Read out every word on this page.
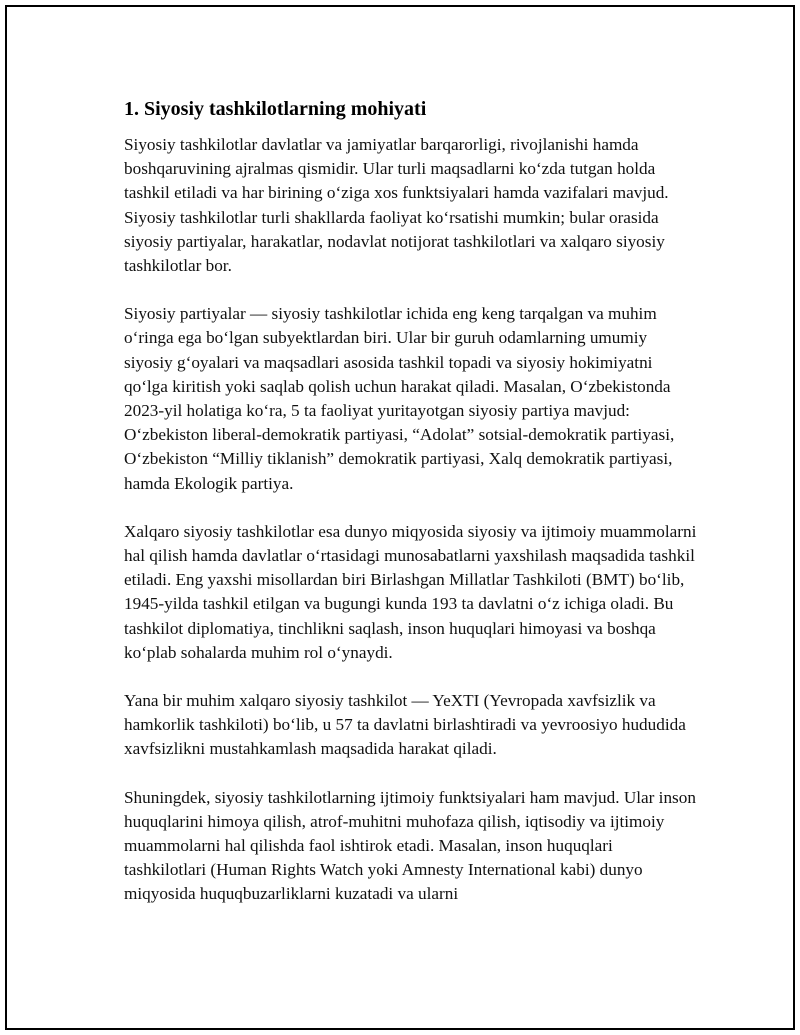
1. Siyosiy tashkilotlarning mohiyati

Siyosiy tashkilotlar davlatlar va jamiyatlar barqarorligi, rivojlanishi hamda boshqaruvining ajralmas qismidir. Ular turli maqsadlarni ko‘zda tutgan holda tashkil etiladi va har birining o‘ziga xos funktsiyalari hamda vazifalari mavjud. Siyosiy tashkilotlar turli shakllarda faoliyat ko‘rsatishi mumkin; bular orasida siyosiy partiyalar, harakatlar, nodavlat notijorat tashkilotlari va xalqaro siyosiy tashkilotlar bor.

Siyosiy partiyalar — siyosiy tashkilotlar ichida eng keng tarqalgan va muhim o‘ringa ega bo‘lgan subyektlardan biri. Ular bir guruh odamlarning umumiy siyosiy g‘oyalari va maqsadlari asosida tashkil topadi va siyosiy hokimiyatni qo‘lga kiritish yoki saqlab qolish uchun harakat qiladi. Masalan, O‘zbekistonda 2023-yil holatiga ko‘ra, 5 ta faoliyat yuritayotgan siyosiy partiya mavjud: O‘zbekiston liberal-demokratik partiyasi, “Adolat” sotsial-demokratik partiyasi, O‘zbekiston “Milliy tiklanish” demokratik partiyasi, Xalq demokratik partiyasi, hamda Ekologik partiya.

Xalqaro siyosiy tashkilotlar esa dunyo miqyosida siyosiy va ijtimoiy muammolarni hal qilish hamda davlatlar o‘rtasidagi munosabatlarni yaxshilash maqsadida tashkil etiladi. Eng yaxshi misollardan biri Birlashgan Millatlar Tashkiloti (BMT) bo‘lib, 1945-yilda tashkil etilgan va bugungi kunda 193 ta davlatni o‘z ichiga oladi. Bu tashkilot diplomatiya, tinchlikni saqlash, inson huquqlari himoyasi va boshqa ko‘plab sohalarda muhim rol o‘ynaydi.

Yana bir muhim xalqaro siyosiy tashkilot — YeXTI (Yevropada xavfsizlik va hamkorlik tashkiloti) bo‘lib, u 57 ta davlatni birlashtiradi va yevroosiyo hududida xavfsizlikni mustahkamlash maqsadida harakat qiladi.

Shuningdek, siyosiy tashkilotlarning ijtimoiy funktsiyalari ham mavjud. Ular inson huquqlarini himoya qilish, atrof-muhitni muhofaza qilish, iqtisodiy va ijtimoiy muammolarni hal qilishda faol ishtirok etadi. Masalan, inson huquqlari tashkilotlari (Human Rights Watch yoki Amnesty International kabi) dunyo miqyosida huquqbuzarliklarni kuzatadi va ularni
